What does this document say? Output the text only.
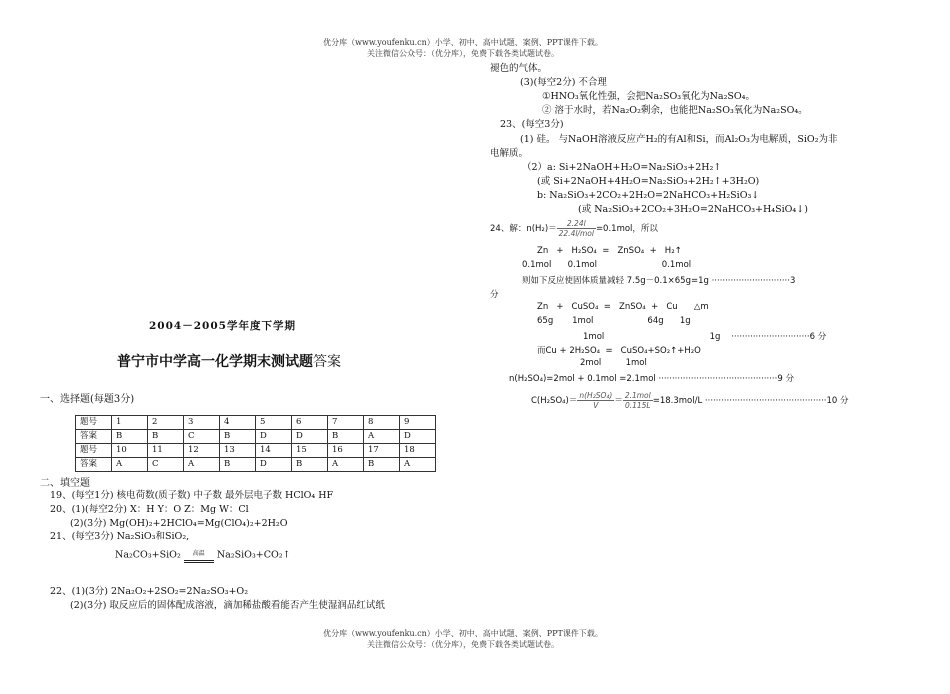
优分库（www.youfenku.cn）小学、初中、高中试题、案例、PPT课件下载。
关注微信公众号：（优分库），免费下载各类试题试卷。
2004－2005学年度下学期
普宁市中学高一化学期末测试题答案
一、选择题(每题3分)
题号	1	2	3	4	5	6	7	8	9
答案	B	B	C	B	D	D	B	A	D
题号	10	11	12	13	14	15	16	17	18
答案	A	C	A	B	D	B	A	B	A
二、填空题
19、(每空1分) 核电荷数(质子数) 中子数 最外层电子数 HClO₄ HF
20、(1)(每空2分) X：H Y：O Z：Mg W：Cl
(2)(3分) Mg(OH)₂+2HClO₄=Mg(ClO₄)₂+2H₂O
21、(每空3分) Na₂SiO₃和SiO₂,
Na₂CO₃+SiO₂	高温	Na₂SiO₃+CO₂↑
22、(1)(3分) 2Na₂O₂+2SO₂=2Na₂SO₃+O₂
(2)(3分) 取反应后的固体配成溶液，滴加稀盐酸看能否产生使湿润品红试纸
褪色的气体。
(3)(每空2分) 不合理
①HNO₃氧化性强，会把Na₂SO₃氧化为Na₂SO₄。
② 溶于水时，若Na₂O₂剩余，也能把Na₂SO₃氧化为Na₂SO₄。
23、(每空3分)
(1) 硅。 与NaOH溶液反应产H₂的有Al和Si，而Al₂O₃为电解质，SiO₂为非
电解质。
（2）a: Si+2NaOH+H₂O=Na₂SiO₃+2H₂↑
(或 Si+2NaOH+4H₂O=Na₂SiO₃+2H₂↑+3H₂O)
b: Na₂SiO₃+2CO₂+2H₂O=2NaHCO₃+H₂SiO₃↓
(或 Na₂SiO₃+2CO₂+3H₂O=2NaHCO₃+H₄SiO₄↓)
24、解：$n(H_2)= \frac{2.24l}{\text{22.4l/mol}} =0.1mol$，所以
Zn   +   H₂SO₄  =   ZnSO₄  +   H₂↑
0.1mol      0.1mol                        0.1mol
则如下反应使固体质量减轻 7.5g－0.1×65g=1g ·····························3
分
Zn   +   CuSO₄  =   ZnSO₄  +   Cu      △m
65g       1mol                    64g      1g
1mol                                       1g    ·····························6 分
而Cu + 2H₂SO₄  =   CuSO₄+SO₂↑+H₂O
2mol         1mol
n(H₂SO₄)=2mol + 0.1mol =2.1mol ············································9 分
$C(H_2SO_4)= \frac{\text{n(H₂SO₄)}}{V} = \frac{\text{2.1mol}}{0.115L} =18.3mol/L \cdot\cdot\cdot\cdot\cdot\cdot\cdot\cdot\cdot\cdot\cdot\cdot\cdot\cdot\cdot\cdot\cdot\cdot\cdot\cdot\cdot\cdot\cdot\cdot\cdot\cdot\cdot\cdot\cdot\cdot\cdot\cdot\cdot\cdot\cdot\cdot\cdot\cdot\cdot\cdot\cdot\cdot\cdot\cdot\cdot 10$ 分
优分库（www.youfenku.cn）小学、初中、高中试题、案例、PPT课件下载。
关注微信公众号：（优分库），免费下载各类试题试卷。
